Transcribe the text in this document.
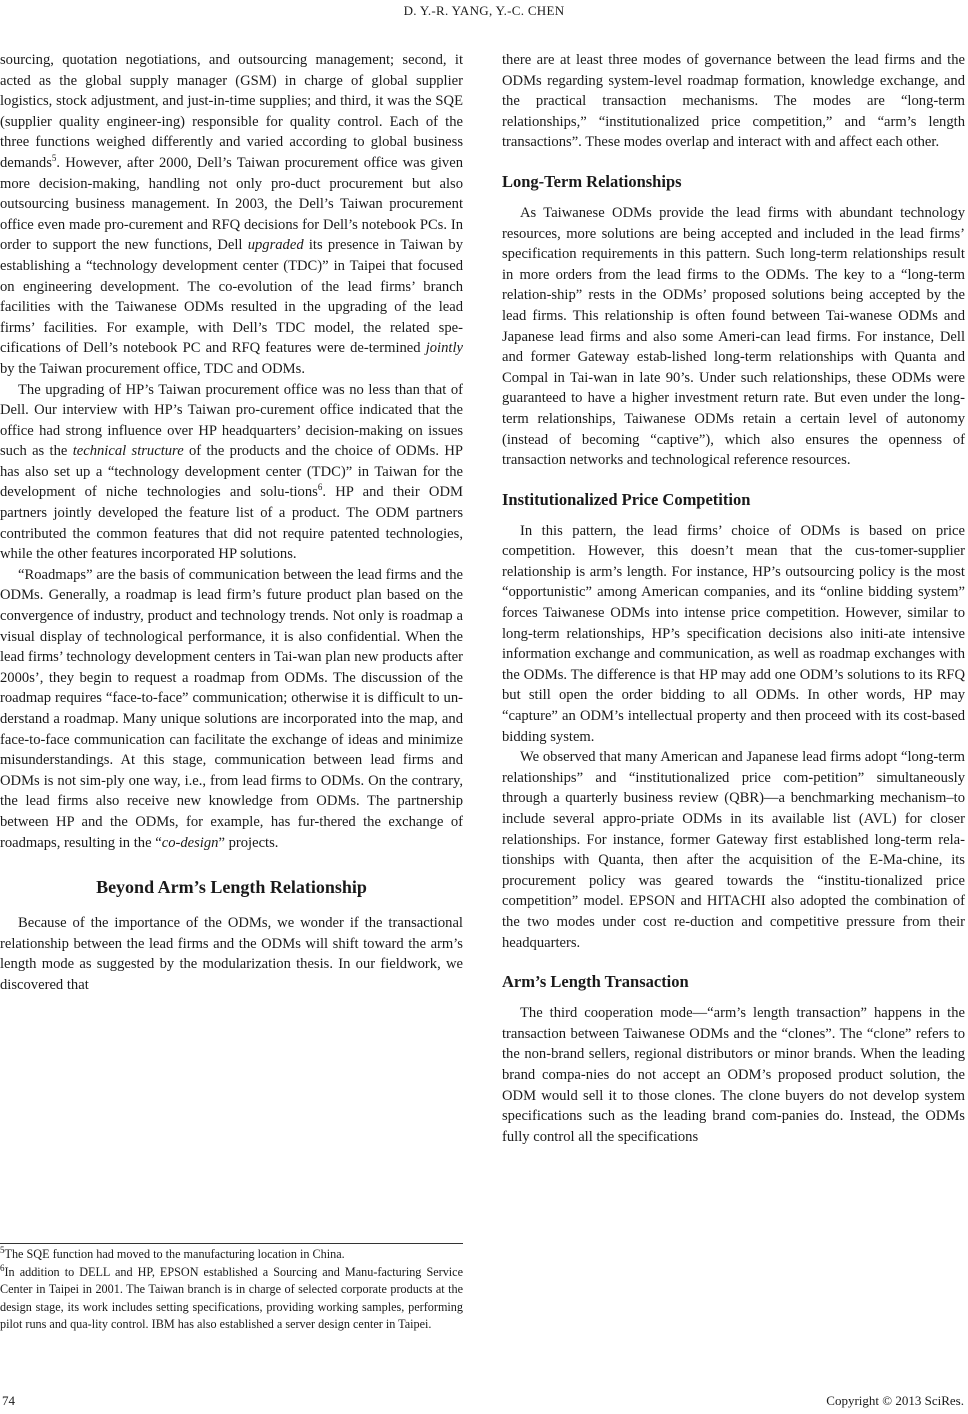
D. Y.-R. YANG, Y.-C. CHEN

sourcing, quotation negotiations, and outsourcing management; second, it acted as the global supply manager (GSM) in charge of global supplier logistics, stock adjustment, and just-in-time supplies; and third, it was the SQE (supplier quality engineer-ing) responsible for quality control. Each of the three functions weighed differently and varied according to global business demands$^5$. However, after 2000, Dell’s Taiwan procurement office was given more decision-making, handling not only pro-duct procurement but also outsourcing business management. In 2003, the Dell’s Taiwan procurement office even made pro-curement and RFQ decisions for Dell’s notebook PCs. In order to support the new functions, Dell upgraded its presence in Taiwan by establishing a “technology development center (TDC)” in Taipei that focused on engineering development. The co-evolution of the lead firms’ branch facilities with the Taiwanese ODMs resulted in the upgrading of the lead firms’ facilities. For example, with Dell’s TDC model, the related spe-cifications of Dell’s notebook PC and RFQ features were de-termined jointly by the Taiwan procurement office, TDC and ODMs.

The upgrading of HP’s Taiwan procurement office was no less than that of Dell. Our interview with HP’s Taiwan pro-curement office indicated that the office had strong influence over HP headquarters’ decision-making on issues such as the technical structure of the products and the choice of ODMs. HP has also set up a “technology development center (TDC)” in Taiwan for the development of niche technologies and solu-tions$^6$. HP and their ODM partners jointly developed the feature list of a product. The ODM partners contributed the common features that did not require patented technologies, while the other features incorporated HP solutions.

“Roadmaps” are the basis of communication between the lead firms and the ODMs. Generally, a roadmap is lead firm’s future product plan based on the convergence of industry, product and technology trends. Not only is roadmap a visual display of technological performance, it is also confidential. When the lead firms’ technology development centers in Tai-wan plan new products after 2000s’, they begin to request a roadmap from ODMs. The discussion of the roadmap requires “face-to-face” communication; otherwise it is difficult to un-derstand a roadmap. Many unique solutions are incorporated into the map, and face-to-face communication can facilitate the exchange of ideas and minimize misunderstandings. At this stage, communication between lead firms and ODMs is not sim-ply one way, i.e., from lead firms to ODMs. On the contrary, the lead firms also receive new knowledge from ODMs. The partnership between HP and the ODMs, for example, has fur-thered the exchange of roadmaps, resulting in the “co-design” projects.

Beyond Arm’s Length Relationship

Because of the importance of the ODMs, we wonder if the transactional relationship between the lead firms and the ODMs will shift toward the arm’s length mode as suggested by the modularization thesis. In our fieldwork, we discovered that

there are at least three modes of governance between the lead firms and the ODMs regarding system-level roadmap formation, knowledge exchange, and the practical transaction mechanisms. The modes are “long-term relationships,” “institutionalized price competition,” and “arm’s length transactions”. These modes overlap and interact with and affect each other.

Long-Term Relationships

As Taiwanese ODMs provide the lead firms with abundant technology resources, more solutions are being accepted and included in the lead firms’ specification requirements in this pattern. Such long-term relationships result in more orders from the lead firms to the ODMs. The key to a “long-term relation-ship” rests in the ODMs’ proposed solutions being accepted by the lead firms. This relationship is often found between Tai-wanese ODMs and Japanese lead firms and also some Ameri-can lead firms. For instance, Dell and former Gateway estab-lished long-term relationships with Quanta and Compal in Tai-wan in late 90’s. Under such relationships, these ODMs were guaranteed to have a higher investment return rate. But even under the long-term relationships, Taiwanese ODMs retain a certain level of autonomy (instead of becoming “captive”), which also ensures the openness of transaction networks and technological reference resources.

Institutionalized Price Competition

In this pattern, the lead firms’ choice of ODMs is based on price competition. However, this doesn’t mean that the cus-tomer-supplier relationship is arm’s length. For instance, HP’s outsourcing policy is the most “opportunistic” among American companies, and its “online bidding system” forces Taiwanese ODMs into intense price competition. However, similar to long-term relationships, HP’s specification decisions also initi-ate intensive information exchange and communication, as well as roadmap exchanges with the ODMs. The difference is that HP may add one ODM’s solutions to its RFQ but still open the order bidding to all ODMs. In other words, HP may “capture” an ODM’s intellectual property and then proceed with its cost-based bidding system.

We observed that many American and Japanese lead firms adopt “long-term relationships” and “institutionalized price com-petition” simultaneously through a quarterly business review (QBR)—a benchmarking mechanism–to include several appro-priate ODMs in its available list (AVL) for closer relationships. For instance, former Gateway first established long-term rela-tionships with Quanta, then after the acquisition of the E-Ma-chine, its procurement policy was geared towards the “institu-tionalized price competition” model. EPSON and HITACHI also adopted the combination of the two modes under cost re-duction and competitive pressure from their headquarters.

Arm’s Length Transaction

The third cooperation mode—“arm’s length transaction” happens in the transaction between Taiwanese ODMs and the “clones”. The “clone” refers to the non-brand sellers, regional distributors or minor brands. When the leading brand compa-nies do not accept an ODM’s proposed product solution, the ODM would sell it to those clones. The clone buyers do not develop system specifications such as the leading brand com-panies do. Instead, the ODMs fully control all the specifications

$^5$The SQE function had moved to the manufacturing location in China.

$^6$In addition to DELL and HP, EPSON established a Sourcing and Manu-facturing Service Center in Taipei in 2001. The Taiwan branch is in charge of selected corporate products at the design stage, its work includes setting specifications, providing working samples, performing pilot runs and qua-lity control. IBM has also established a server design center in Taipei.

74	Copyright © 2013 SciRes.
